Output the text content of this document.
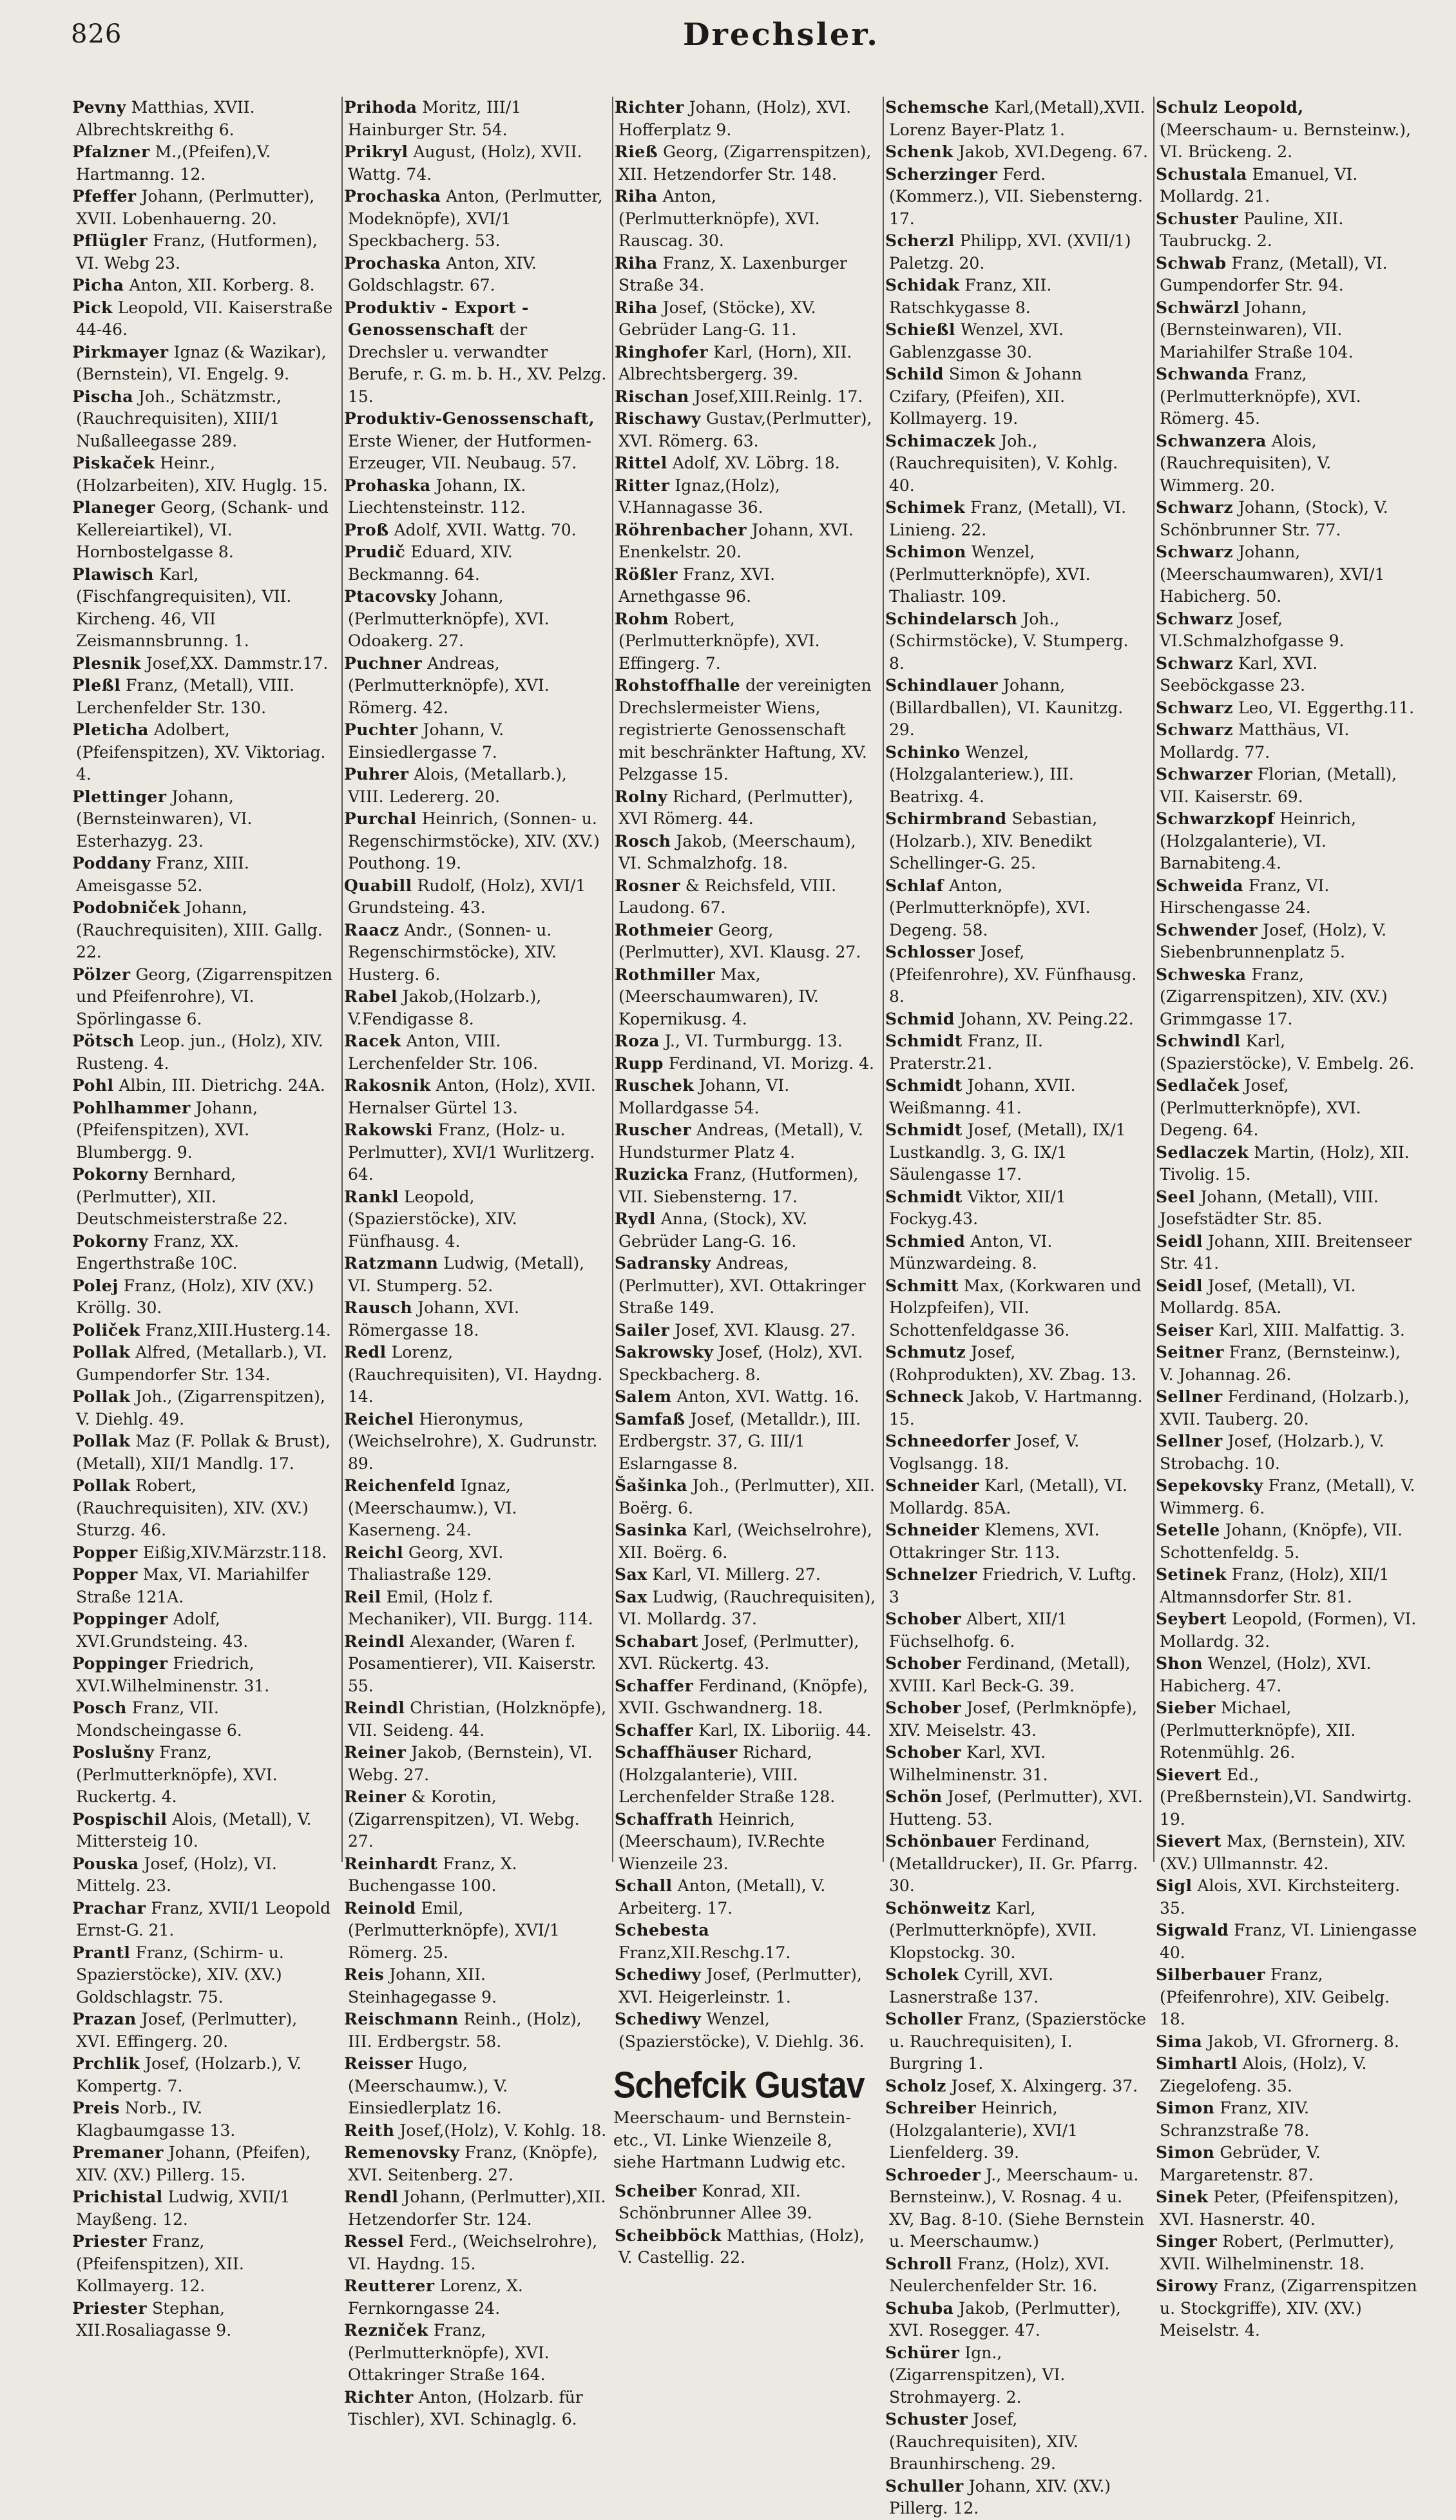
826	Drechsler.

Pevny Matthias, XVII. Albrechtskreithg 6.

Pfalzner M.,(Pfeifen),V. Hartmanng. 12.

Pfeffer Johann, (Perlmutter), XVII. Lobenhauerng. 20.

Pflügler Franz, (Hutformen), VI. Webg 23.

Picha Anton, XII. Korberg. 8.

Pick Leopold, VII. Kaiserstraße 44-46.

Pirkmayer Ignaz (& Wazikar), (Bernstein), VI. Engelg. 9.

Pischa Joh., Schätzmstr., (Rauchrequisiten), XIII/1 Nußalleegasse 289.

Piskaček Heinr., (Holzarbeiten), XIV. Huglg. 15.

Planeger Georg, (Schank- und Kellereiartikel), VI. Hornbostelgasse 8.

Plawisch Karl, (Fischfangrequisiten), VII. Kircheng. 46, VII Zeismannsbrunng. 1.

Plesnik Josef,XX. Dammstr.17.

Pleßl Franz, (Metall), VIII. Lerchenfelder Str. 130.

Pleticha Adolbert, (Pfeifenspitzen), XV. Viktoriag. 4.

Plettinger Johann, (Bernsteinwaren), VI. Esterhazyg. 23.

Poddany Franz, XIII. Ameisgasse 52.

Podobniček Johann, (Rauchrequisiten), XIII. Gallg. 22.

Pölzer Georg, (Zigarrenspitzen und Pfeifenrohre), VI. Spörlingasse 6.

Pötsch Leop. jun., (Holz), XIV. Rusteng. 4.

Pohl Albin, III. Dietrichg. 24A.

Pohlhammer Johann,(Pfeifenspitzen), XVI. Blumbergg. 9.

Pokorny Bernhard, (Perlmutter), XII. Deutschmeisterstraße 22.

Pokorny Franz, XX. Engerthstraße 10C.

Polej Franz, (Holz), XIV (XV.) Kröllg. 30.

Poliček Franz,XIII.Husterg.14.

Pollak Alfred, (Metallarb.), VI. Gumpendorfer Str. 134.

Pollak Joh., (Zigarrenspitzen), V. Diehlg. 49.

Pollak Maz (F. Pollak & Brust), (Metall), XII/1 Mandlg. 17.

Pollak Robert,(Rauchrequisiten), XIV. (XV.) Sturzg. 46.

Popper Eißig,XIV.Märzstr.118.

Popper Max, VI. Mariahilfer Straße 121A.

Poppinger Adolf, XVI.Grundsteing. 43.

Poppinger Friedrich, XVI.Wilhelminenstr. 31.

Posch Franz, VII. Mondscheingasse 6.

Poslušny Franz, (Perlmutterknöpfe), XVI. Ruckertg. 4.

Pospischil Alois, (Metall), V. Mittersteig 10.

Pouska Josef, (Holz), VI. Mittelg. 23.

Prachar Franz, XVII/1 Leopold Ernst-G. 21.

Prantl Franz, (Schirm- u. Spazierstöcke), XIV. (XV.) Goldschlagstr. 75.

Prazan Josef, (Perlmutter), XVI. Effingerg. 20.

Prchlik Josef, (Holzarb.), V. Kompertg. 7.

Preis Norb., IV. Klagbaumgasse 13.

Premaner Johann, (Pfeifen), XIV. (XV.) Pillerg. 15.

Prichistal Ludwig, XVII/1 Mayßeng. 12.

Priester Franz, (Pfeifenspitzen), XII. Kollmayerg. 12.

Priester Stephan, XII.Rosaliagasse 9.

Prihoda Moritz, III/1 Hainburger Str. 54.

Prikryl August, (Holz), XVII. Wattg. 74.

Prochaska Anton, (Perlmutter, Modeknöpfe), XVI/1 Speckbacherg. 53.

Prochaska Anton, XIV. Goldschlagstr. 67.

Produktiv - Export - Genossenschaft der Drechsler u. verwandter Berufe, r. G. m. b. H., XV. Pelzg. 15.

Produktiv-Genossenschaft, Erste Wiener, der Hutformen-Erzeuger, VII. Neubaug. 57.

Prohaska Johann, IX. Liechtensteinstr. 112.

Proß Adolf, XVII. Wattg. 70.

Prudič Eduard, XIV. Beckmanng. 64.

Ptacovsky Johann,(Perlmutterknöpfe), XVI. Odoakerg. 27.

Puchner Andreas, (Perlmutterknöpfe), XVI. Römerg. 42.

Puchter Johann, V. Einsiedlergasse 7.

Puhrer Alois, (Metallarb.), VIII. Ledererg. 20.

Purchal Heinrich, (Sonnen- u. Regenschirmstöcke), XIV. (XV.) Pouthong. 19.

Quabill Rudolf, (Holz), XVI/1 Grundsteing. 43.

Raacz Andr., (Sonnen- u. Regenschirmstöcke), XIV. Husterg. 6.

Rabel Jakob,(Holzarb.), V.Fendigasse 8.

Racek Anton, VIII. Lerchenfelder Str. 106.

Rakosnik Anton, (Holz), XVII. Hernalser Gürtel 13.

Rakowski Franz, (Holz- u. Perlmutter), XVI/1 Wurlitzerg. 64.

Rankl Leopold, (Spazierstöcke), XIV. Fünfhausg. 4.

Ratzmann Ludwig, (Metall), VI. Stumperg. 52.

Rausch Johann, XVI. Römergasse 18.

Redl Lorenz, (Rauchrequisiten), VI. Haydng. 14.

Reichel Hieronymus, (Weichselrohre), X. Gudrunstr. 89.

Reichenfeld Ignaz, (Meerschaumw.), VI. Kaserneng. 24.

Reichl Georg, XVI. Thaliastraße 129.

Reil Emil, (Holz f. Mechaniker), VII. Burgg. 114.

Reindl Alexander, (Waren f. Posamentierer), VII. Kaiserstr. 55.

Reindl Christian, (Holzknöpfe), VII. Seideng. 44.

Reiner Jakob, (Bernstein), VI. Webg. 27.

Reiner & Korotin, (Zigarrenspitzen), VI. Webg. 27.

Reinhardt Franz, X. Buchengasse 100.

Reinold Emil, (Perlmutterknöpfe), XVI/1 Römerg. 25.

Reis Johann, XII. Steinhagegasse 9.

Reischmann Reinh., (Holz), III. Erdbergstr. 58.

Reisser Hugo, (Meerschaumw.), V. Einsiedlerplatz 16.

Reith Josef,(Holz), V. Kohlg. 18.

Remenovsky Franz, (Knöpfe), XVI. Seitenberg. 27.

Rendl Johann, (Perlmutter),XII. Hetzendorfer Str. 124.

Ressel Ferd., (Weichselrohre), VI. Haydng. 15.

Reutterer Lorenz, X. Fernkorngasse 24.

Rezniček Franz, (Perlmutterknöpfe), XVI. Ottakringer Straße 164.

Richter Anton, (Holzarb. für Tischler), XVI. Schinaglg. 6.

Richter Johann, (Holz), XVI. Hofferplatz 9.

Rieß Georg, (Zigarrenspitzen), XII. Hetzendorfer Str. 148.

Riha Anton, (Perlmutterknöpfe), XVI. Rauscag. 30.

Riha Franz, X. Laxenburger Straße 34.

Riha Josef, (Stöcke), XV. Gebrüder Lang-G. 11.

Ringhofer Karl, (Horn), XII. Albrechtsbergerg. 39.

Rischan Josef,XIII.Reinlg. 17.

Rischawy Gustav,(Perlmutter), XVI. Römerg. 63.

Rittel Adolf, XV. Löbrg. 18.

Ritter Ignaz,(Holz), V.Hannagasse 36.

Röhrenbacher Johann, XVI. Enenkelstr. 20.

Rößler Franz, XVI. Arnethgasse 96.

Rohm Robert, (Perlmutterknöpfe), XVI. Effingerg. 7.

Rohstoffhalle der vereinigten Drechslermeister Wiens, registrierte Genossenschaft mit beschränkter Haftung, XV. Pelzgasse 15.

Rolny Richard, (Perlmutter), XVI Römerg. 44.

Rosch Jakob, (Meerschaum), VI. Schmalzhofg. 18.

Rosner & Reichsfeld, VIII. Laudong. 67.

Rothmeier Georg,(Perlmutter), XVI. Klausg. 27.

Rothmiller Max, (Meerschaumwaren), IV. Kopernikusg. 4.

Roza J., VI. Turmburgg. 13.

Rupp Ferdinand, VI. Morizg. 4.

Ruschek Johann, VI. Mollardgasse 54.

Ruscher Andreas, (Metall), V. Hundsturmer Platz 4.

Ruzicka Franz, (Hutformen), VII. Siebensterng. 17.

Rydl Anna, (Stock), XV. Gebrüder Lang-G. 16.

Sadransky Andreas, (Perlmutter), XVI. Ottakringer Straße 149.

Sailer Josef, XVI. Klausg. 27.

Sakrowsky Josef, (Holz), XVI. Speckbacherg. 8.

Salem Anton, XVI. Wattg. 16.

Samfaß Josef, (Metalldr.), III. Erdbergstr. 37, G. III/1 Eslarngasse 8.

Šašinka Joh., (Perlmutter), XII. Boërg. 6.

Sasinka Karl, (Weichselrohre), XII. Boërg. 6.

Sax Karl, VI. Millerg. 27.

Sax Ludwig, (Rauchrequisiten), VI. Mollardg. 37.

Schabart Josef, (Perlmutter), XVI. Rückertg. 43.

Schaffer Ferdinand, (Knöpfe), XVII. Gschwandnerg. 18.

Schaffer Karl, IX. Liboriig. 44.

Schaffhäuser Richard, (Holzgalanterie), VIII. Lerchenfelder Straße 128.

Schaffrath Heinrich, (Meerschaum), IV.Rechte Wienzeile 23.

Schall Anton, (Metall), V. Arbeiterg. 17.

Schebesta Franz,XII.Reschg.17.

Schediwy Josef, (Perlmutter), XVI. Heigerleinstr. 1.

Schediwy Wenzel, (Spazierstöcke), V. Diehlg. 36.

Schefcik Gustav
Meerschaum- und Bernstein- etc., VI. Linke Wienzeile 8, siehe Hartmann Ludwig etc.

Scheiber Konrad, XII. Schönbrunner Allee 39.

Scheibböck Matthias, (Holz), V. Castellig. 22.

Schemsche Karl,(Metall),XVII. Lorenz Bayer-Platz 1.

Schenk Jakob, XVI.Degeng. 67.

Scherzinger Ferd. (Kommerz.), VII. Siebensterng. 17.

Scherzl Philipp, XVI. (XVII/1) Paletzg. 20.

Schidak Franz, XII. Ratschkygasse 8.

Schießl Wenzel, XVI. Gablenzgasse 30.

Schild Simon & Johann Czifary, (Pfeifen), XII. Kollmayerg. 19.

Schimaczek Joh., (Rauchrequisiten), V. Kohlg. 40.

Schimek Franz, (Metall), VI. Linieng. 22.

Schimon Wenzel, (Perlmutterknöpfe), XVI. Thaliastr. 109.

Schindelarsch Joh., (Schirmstöcke), V. Stumperg. 8.

Schindlauer Johann, (Billardballen), VI. Kaunitzg. 29.

Schinko Wenzel, (Holzgalanteriew.), III. Beatrixg. 4.

Schirmbrand Sebastian, (Holzarb.), XIV. Benedikt Schellinger-G. 25.

Schlaf Anton, (Perlmutterknöpfe), XVI. Degeng. 58.

Schlosser Josef, (Pfeifenrohre), XV. Fünfhausg. 8.

Schmid Johann, XV. Peing.22.

Schmidt Franz, II. Praterstr.21.

Schmidt Johann, XVII. Weißmanng. 41.

Schmidt Josef, (Metall), IX/1 Lustkandlg. 3, G. IX/1 Säulengasse 17.

Schmidt Viktor, XII/1 Fockyg.43.

Schmied Anton, VI. Münzwardeing. 8.

Schmitt Max, (Korkwaren und Holzpfeifen), VII. Schottenfeldgasse 36.

Schmutz Josef, (Rohprodukten), XV. Zbag. 13.

Schneck Jakob, V. Hartmanng. 15.

Schneedorfer Josef, V. Voglsangg. 18.

Schneider Karl, (Metall), VI. Mollardg. 85A.

Schneider Klemens, XVI. Ottakringer Str. 113.

Schnelzer Friedrich, V. Luftg. 3

Schober Albert, XII/1 Füchselhofg. 6.

Schober Ferdinand, (Metall), XVIII. Karl Beck-G. 39.

Schober Josef, (Perlmknöpfe), XIV. Meiselstr. 43.

Schober Karl, XVI. Wilhelminenstr. 31.

Schön Josef, (Perlmutter), XVI. Hutteng. 53.

Schönbauer Ferdinand, (Metalldrucker), II. Gr. Pfarrg. 30.

Schönweitz Karl, (Perlmutterknöpfe), XVII. Klopstockg. 30.

Scholek Cyrill, XVI. Lasnerstraße 137.

Scholler Franz, (Spazierstöcke u. Rauchrequisiten), I. Burgring 1.

Scholz Josef, X. Alxingerg. 37.

Schreiber Heinrich, (Holzgalanterie), XVI/1 Lienfelderg. 39.

Schroeder J., Meerschaum- u. Bernsteinw.), V. Rosnag. 4 u. XV, Bag. 8-10. (Siehe Bernstein u. Meerschaumw.)

Schroll Franz, (Holz), XVI. Neulerchenfelder Str. 16.

Schuba Jakob, (Perlmutter), XVI. Rosegger. 47.

Schürer Ign., (Zigarrenspitzen), VI. Strohmayerg. 2.

Schuster Josef, (Rauchrequisiten), XIV. Braunhirscheng. 29.

Schuller Johann, XIV. (XV.) Pillerg. 12.

Schulz Leopold, (Meerschaum- u. Bernsteinw.), VI. Brückeng. 2.

Schustala Emanuel, VI. Mollardg. 21.

Schuster Pauline, XII. Taubruckg. 2.

Schwab Franz, (Metall), VI. Gumpendorfer Str. 94.

Schwärzl Johann, (Bernsteinwaren), VII. Mariahilfer Straße 104.

Schwanda Franz,(Perlmutterknöpfe), XVI. Römerg. 45.

Schwanzera Alois, (Rauchrequisiten), V. Wimmerg. 20.

Schwarz Johann, (Stock), V. Schönbrunner Str. 77.

Schwarz Johann, (Meerschaumwaren), XVI/1 Habicherg. 50.

Schwarz Josef, VI.Schmalzhofgasse 9.

Schwarz Karl, XVI. Seeböckgasse 23.

Schwarz Leo, VI. Eggerthg.11.

Schwarz Matthäus, VI. Mollardg. 77.

Schwarzer Florian, (Metall), VII. Kaiserstr. 69.

Schwarzkopf Heinrich, (Holzgalanterie), VI. Barnabiteng.4.

Schweida Franz, VI. Hirschengasse 24.

Schwender Josef, (Holz), V. Siebenbrunnenplatz 5.

Schweska Franz, (Zigarrenspitzen), XIV. (XV.) Grimmgasse 17.

Schwindl Karl, (Spazierstöcke), V. Embelg. 26.

Sedlaček Josef, (Perlmutterknöpfe), XVI. Degeng. 64.

Sedlaczek Martin, (Holz), XII. Tivolig. 15.

Seel Johann, (Metall), VIII. Josefstädter Str. 85.

Seidl Johann, XIII. Breitenseer Str. 41.

Seidl Josef, (Metall), VI. Mollardg. 85A.

Seiser Karl, XIII. Malfattig. 3.

Seitner Franz, (Bernsteinw.), V. Johannag. 26.

Sellner Ferdinand, (Holzarb.), XVII. Tauberg. 20.

Sellner Josef, (Holzarb.), V. Strobachg. 10.

Sepekovsky Franz, (Metall), V. Wimmerg. 6.

Setelle Johann, (Knöpfe), VII. Schottenfeldg. 5.

Setinek Franz, (Holz), XII/1 Altmannsdorfer Str. 81.

Seybert Leopold, (Formen), VI. Mollardg. 32.

Shon Wenzel, (Holz), XVI. Habicherg. 47.

Sieber Michael, (Perlmutterknöpfe), XII. Rotenmühlg. 26.

Sievert Ed., (Preßbernstein),VI. Sandwirtg. 19.

Sievert Max, (Bernstein), XIV. (XV.) Ullmannstr. 42.

Sigl Alois, XVI. Kirchsteiterg. 35.

Sigwald Franz, VI. Liniengasse 40.

Silberbauer Franz, (Pfeifenrohre), XIV. Geibelg. 18.

Sima Jakob, VI. Gfrornerg. 8.

Simhartl Alois, (Holz), V. Ziegelofeng. 35.

Simon Franz, XIV. Schranzstraße 78.

Simon Gebrüder, V. Margaretenstr. 87.

Sinek Peter, (Pfeifenspitzen), XVI. Hasnerstr. 40.

Singer Robert, (Perlmutter), XVII. Wilhelminenstr. 18.

Sirowy Franz, (Zigarrenspitzen u. Stockgriffe), XIV. (XV.) Meiselstr. 4.
